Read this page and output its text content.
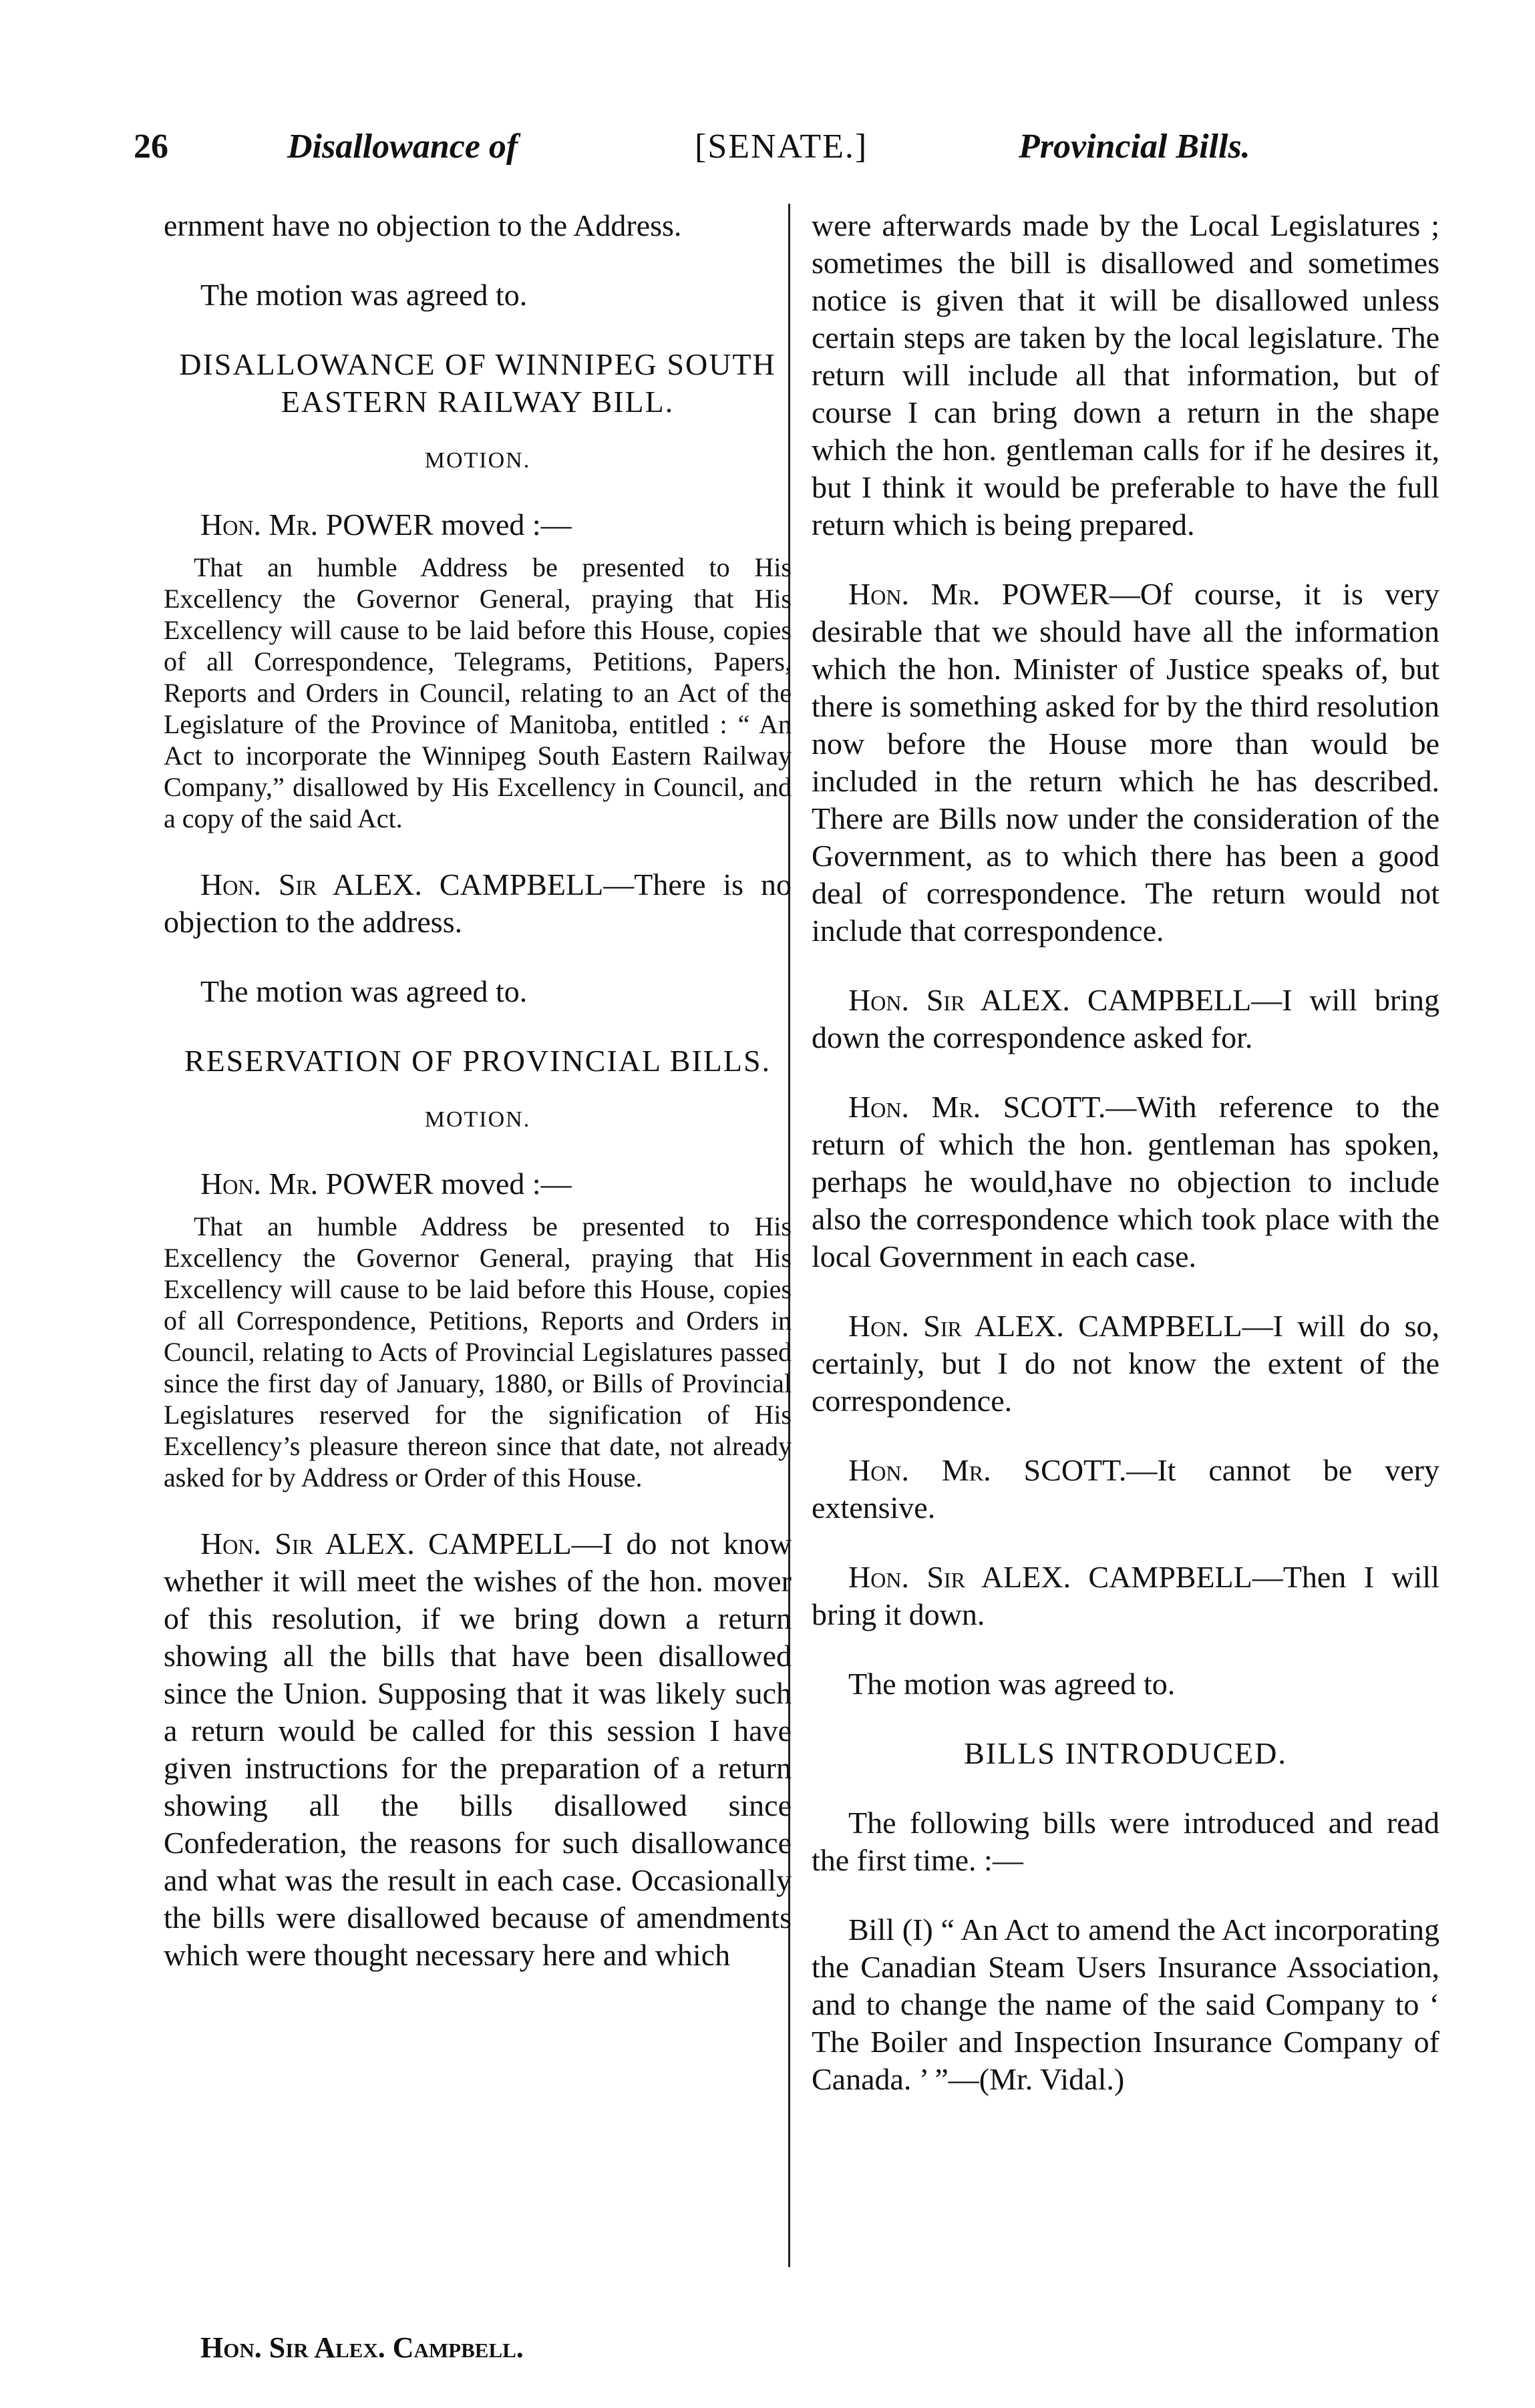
26	Disallowance of	[SENATE.]	Provincial Bills.

ernment have no objection to the Address.

The motion was agreed to.

DISALLOWANCE OF WINNIPEG SOUTH EASTERN RAILWAY BILL.

MOTION.

Hon. Mr. POWER moved :—

That an humble Address be presented to His Excellency the Governor General, praying that His Excellency will cause to be laid before this House, copies of all Correspondence, Telegrams, Petitions, Papers, Reports and Orders in Council, relating to an Act of the Legislature of the Province of Manitoba, entitled : “ An Act to incorporate the Winnipeg South Eastern Railway Company,” disallowed by His Excellency in Council, and a copy of the said Act.

Hon. Sir ALEX. CAMPBELL—There is no objection to the address.

The motion was agreed to.

RESERVATION OF PROVINCIAL BILLS.

MOTION.

Hon. Mr. POWER moved :—

That an humble Address be presented to His Excellency the Governor General, praying that His Excellency will cause to be laid before this House, copies of all Correspondence, Petitions, Reports and Orders in Council, relating to Acts of Provincial Legislatures passed since the first day of January, 1880, or Bills of Provincial Legislatures reserved for the signification of His Excellency’s pleasure thereon since that date, not already asked for by Address or Order of this House.

Hon. Sir ALEX. CAMPELL—I do not know whether it will meet the wishes of the hon. mover of this resolution, if we bring down a return showing all the bills that have been disallowed since the Union. Supposing that it was likely such a return would be called for this session I have given instructions for the preparation of a return showing all the bills disallowed since Confederation, the reasons for such disallowance and what was the result in each case. Occasionally the bills were disallowed because of amendments which were thought necessary here and which

were afterwards made by the Local Legislatures ; sometimes the bill is disallowed and sometimes notice is given that it will be disallowed unless certain steps are taken by the local legislature. The return will include all that information, but of course I can bring down a return in the shape which the hon. gentleman calls for if he desires it, but I think it would be preferable to have the full return which is being prepared.

Hon. Mr. POWER—Of course, it is very desirable that we should have all the information which the hon. Minister of Justice speaks of, but there is something asked for by the third resolution now before the House more than would be included in the return which he has described. There are Bills now under the consideration of the Government, as to which there has been a good deal of correspondence. The return would not include that correspondence.

Hon. Sir ALEX. CAMPBELL—I will bring down the correspondence asked for.

Hon. Mr. SCOTT.—With reference to the return of which the hon. gentleman has spoken, perhaps he would,have no objection to include also the correspondence which took place with the local Government in each case.

Hon. Sir ALEX. CAMPBELL—I will do so, certainly, but I do not know the extent of the correspondence.

Hon. Mr. SCOTT.—It cannot be very extensive.

Hon. Sir ALEX. CAMPBELL—Then I will bring it down.

The motion was agreed to.

BILLS INTRODUCED.

The following bills were introduced and read the first time. :—

Bill (I) “ An Act to amend the Act incorporating the Canadian Steam Users Insurance Association, and to change the name of the said Company to ‘ The Boiler and Inspection Insurance Company of Canada. ’ ”—(Mr. Vidal.)

Hon. Sir Alex. Campbell.
